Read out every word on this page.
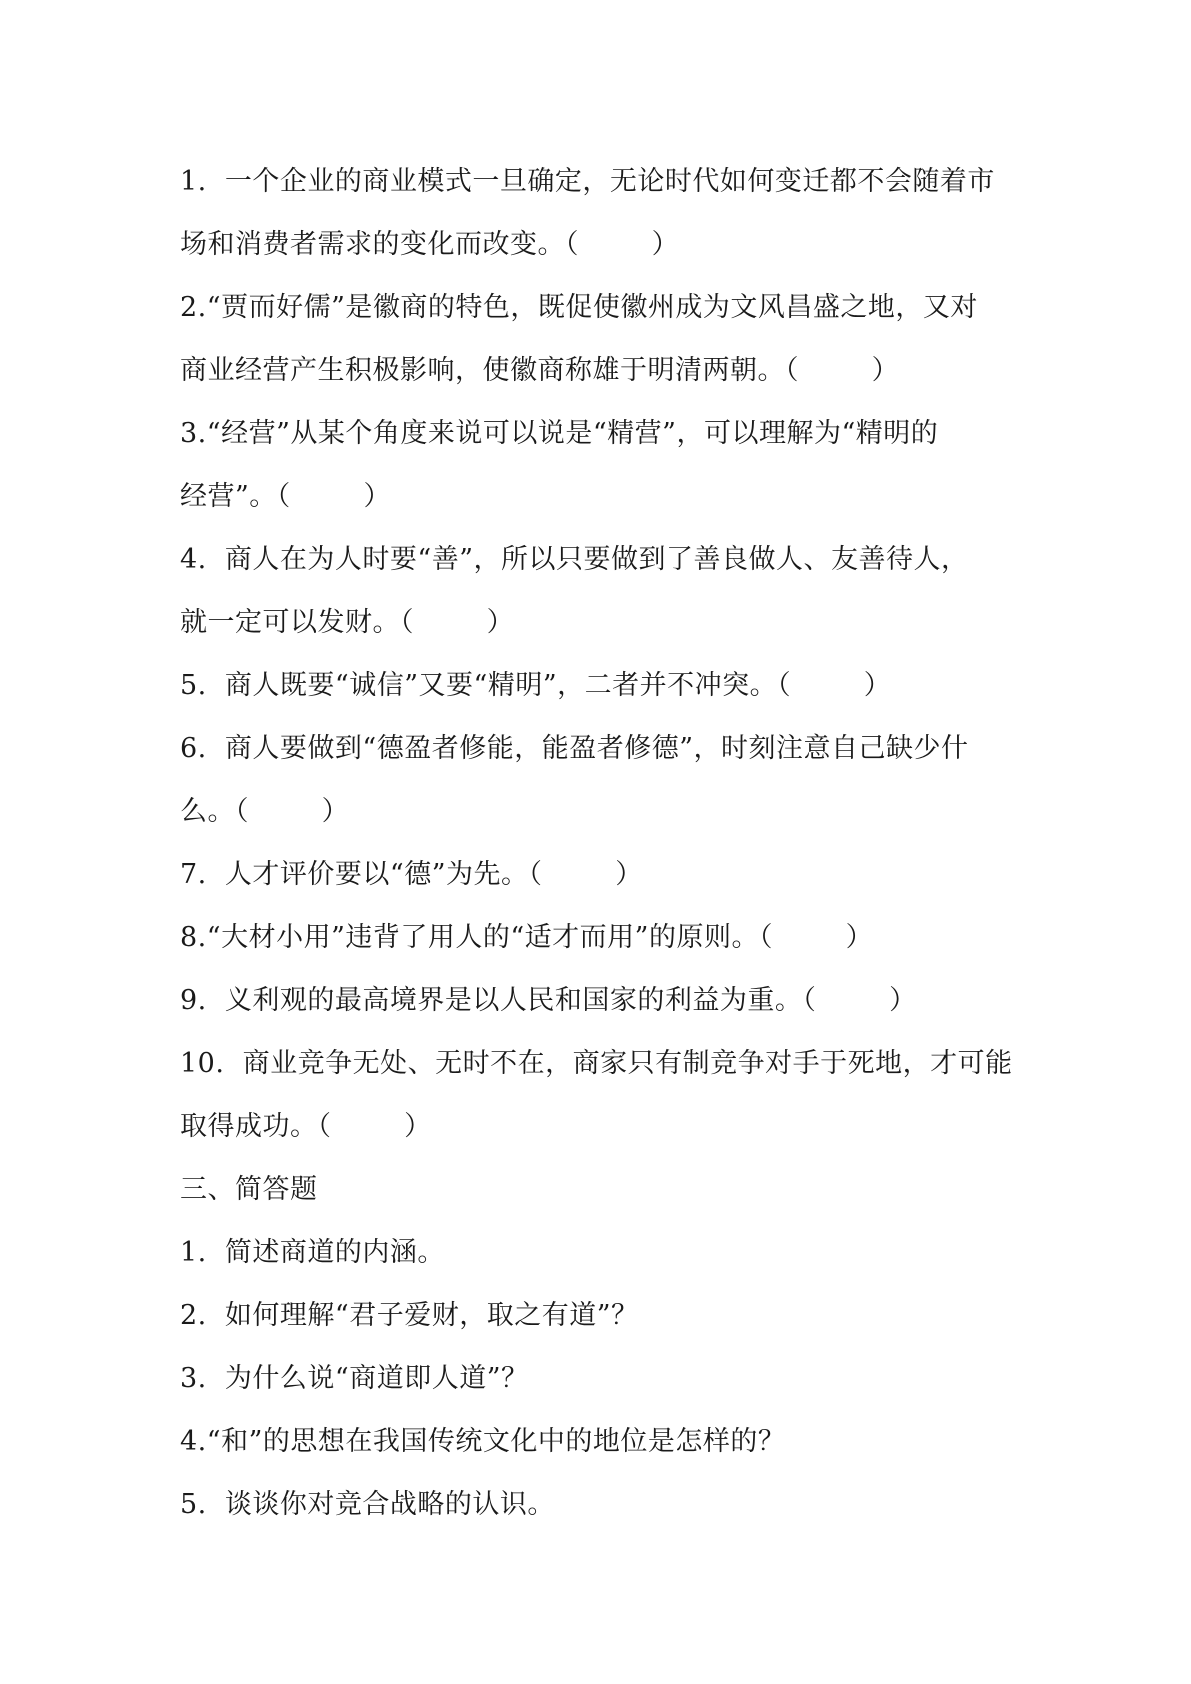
1.  一个企业的商业模式一旦确定，无论时代如何变迁都不会随着市
场和消费者需求的变化而改变。（        ）
2.“贾而好儒”是徽商的特色，既促使徽州成为文风昌盛之地，又对
商业经营产生积极影响，使徽商称雄于明清两朝。（        ）
3.“经营”从某个角度来说可以说是“精营”，可以理解为“精明的
经营”。（        ）
4.  商人在为人时要“善”，所以只要做到了善良做人、友善待人，
就一定可以发财。（        ）
5.  商人既要“诚信”又要“精明”，二者并不冲突。（        ）
6.  商人要做到“德盈者修能，能盈者修德”，时刻注意自己缺少什
么。（        ）
7.  人才评价要以“德”为先。（        ）
8.“大材小用”违背了用人的“适才而用”的原则。（        ）
9.  义利观的最高境界是以人民和国家的利益为重。（        ）
10.  商业竞争无处、无时不在，商家只有制竞争对手于死地，才可能
取得成功。（        ）
三、简答题
1.  简述商道的内涵。
2.  如何理解“君子爱财，取之有道”？
3.  为什么说“商道即人道”？
4.“和”的思想在我国传统文化中的地位是怎样的？
5.  谈谈你对竞合战略的认识。
